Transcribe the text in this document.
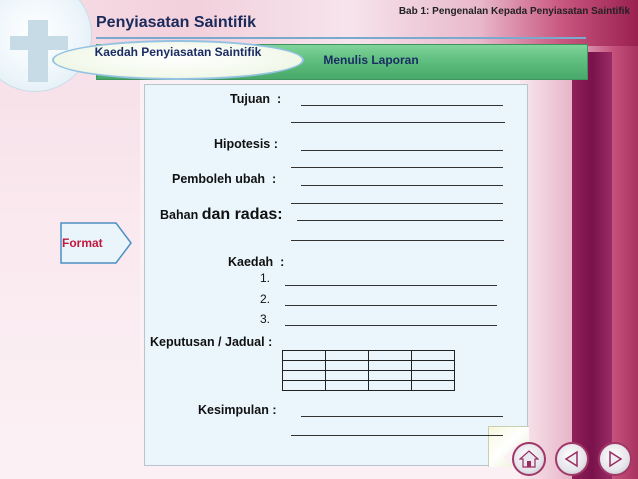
Bab 1: Pengenalan Kepada Penyiasatan Saintifik
Penyiasatan Saintifik
Kaedah Penyiasatan Saintifik
Menulis Laporan
Format
Tujuan  :
Hipotesis :
Pemboleh ubah  :
Bahan dan radas:
Kaedah  :
1.
2.
3.
Keputusan / Jadual :

Kesimpulan :
